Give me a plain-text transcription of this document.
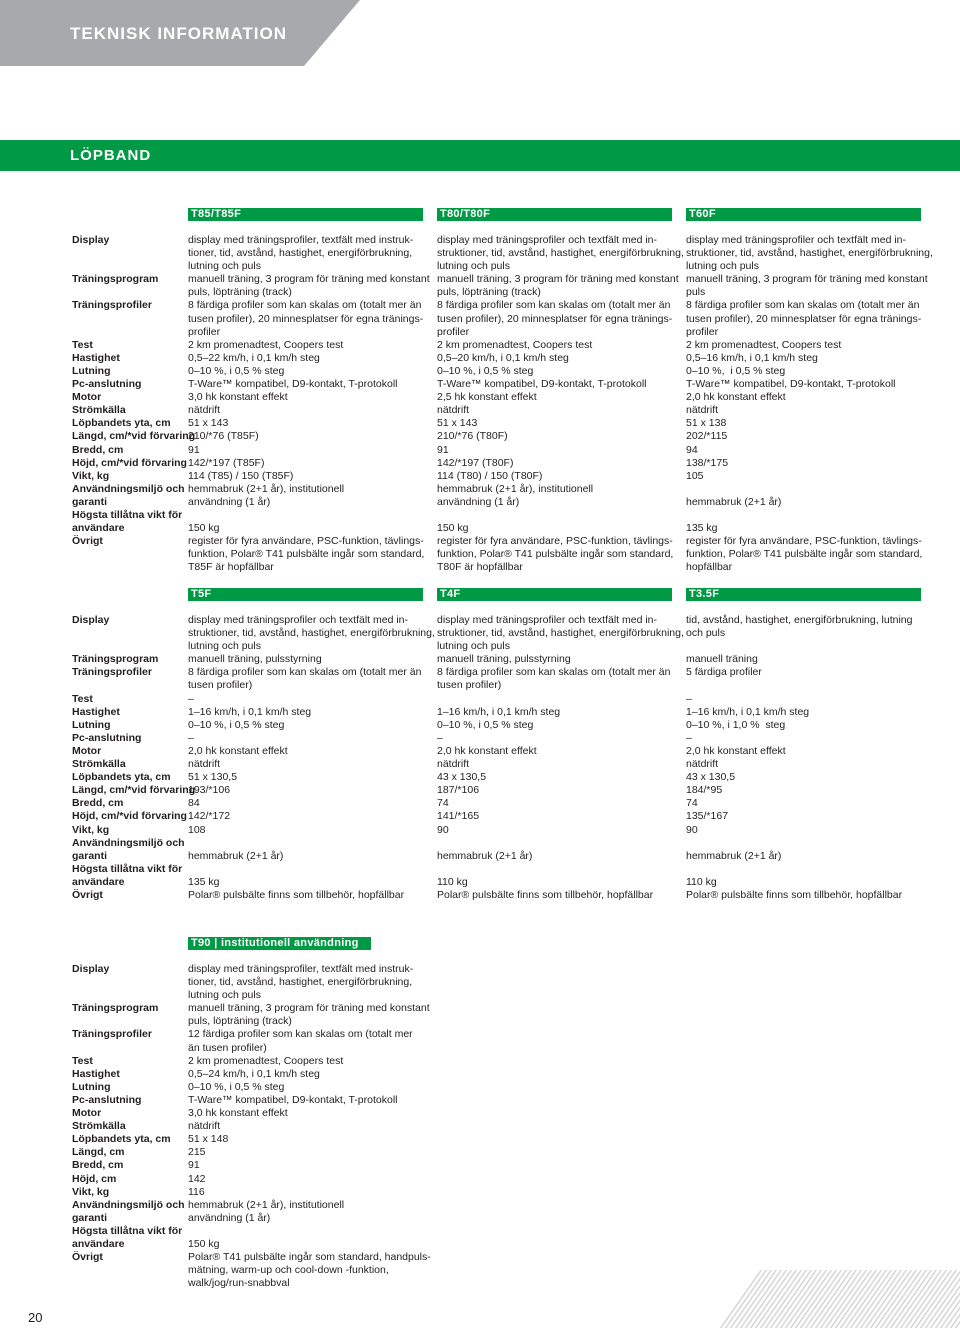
TEKNISK INFORMATION
LÖPBAND
Display

Träningsprogram

Träningsprofiler

Test
Hastighet
Lutning
Pc-anslutning
Motor
Strömkälla
Löpbandets yta, cm
Längd, cm/*vid förvaring
Bredd, cm
Höjd, cm/*vid förvaring
Vikt, kg
Användningsmiljö och
garanti
Högsta tillåtna vikt för
användare
Övrigt
T85/T85F
display med träningsprofiler, textfält med instruk-
tioner, tid, avstånd, hastighet, energiförbrukning,
lutning och puls
manuell träning, 3 program för träning med konstant
puls, löpträning (track)
8 färdiga profiler som kan skalas om (totalt mer än
tusen profiler), 20 minnesplatser för egna tränings-
profiler
2 km promenadtest, Coopers test
0,5–22 km/h, i 0,1 km/h steg
0–10 %, i 0,5 % steg
T-Ware™ kompatibel, D9-kontakt, T-protokoll
3,0 hk konstant effekt
nätdrift
51 x 143
210/*76 (T85F)
91
142/*197 (T85F)
114 (T85) / 150 (T85F)
hemmabruk (2+1 år), institutionell
användning (1 år)

150 kg
register för fyra användare, PSC-funktion, tävlings-
funktion, Polar® T41 pulsbälte ingår som standard,
T85F är hopfällbar
T80/T80F
display med träningsprofiler och textfält med in-
struktioner, tid, avstånd, hastighet, energiförbrukning,
lutning och puls
manuell träning, 3 program för träning med konstant
puls, löpträning (track)
8 färdiga profiler som kan skalas om (totalt mer än
tusen profiler), 20 minnesplatser för egna tränings-
profiler
2 km promenadtest, Coopers test
0,5–20 km/h, i 0,1 km/h steg
0–10 %, i 0,5 % steg
T-Ware™ kompatibel, D9-kontakt, T-protokoll
2,5 hk konstant effekt
nätdrift
51 x 143
210/*76 (T80F)
91
142/*197 (T80F)
114 (T80) / 150 (T80F)
hemmabruk (2+1 år), institutionell
användning (1 år)

150 kg
register för fyra användare, PSC-funktion, tävlings-
funktion, Polar® T41 pulsbälte ingår som standard,
T80F är hopfällbar
T60F
display med träningsprofiler och textfält med in-
struktioner, tid, avstånd, hastighet, energiförbrukning,
lutning och puls
manuell träning, 3 program för träning med konstant
puls
8 färdiga profiler som kan skalas om (totalt mer än
tusen profiler), 20 minnesplatser för egna tränings-
profiler
2 km promenadtest, Coopers test
0,5–16 km/h, i 0,1 km/h steg
0–10 %,  i 0,5 % steg
T-Ware™ kompatibel, D9-kontakt, T-protokoll
2,0 hk konstant effekt
nätdrift
51 x 138
202/*115
94
138/*175
105

hemmabruk (2+1 år)

135 kg
register för fyra användare, PSC-funktion, tävlings-
funktion, Polar® T41 pulsbälte ingår som standard,
hopfällbar
Display

Träningsprogram
Träningsprofiler

Test
Hastighet
Lutning
Pc-anslutning
Motor
Strömkälla
Löpbandets yta, cm
Längd, cm/*vid förvaring
Bredd, cm
Höjd, cm/*vid förvaring
Vikt, kg
Användningsmiljö och
garanti
Högsta tillåtna vikt för
användare
Övrigt
T5F
display med träningsprofiler och textfält med in-
struktioner, tid, avstånd, hastighet, energiförbrukning,
lutning och puls
manuell träning, pulsstyrning
8 färdiga profiler som kan skalas om (totalt mer än
tusen profiler)
–
1–16 km/h, i 0,1 km/h steg
0–10 %, i 0,5 % steg
–
2,0 hk konstant effekt
nätdrift
51 x 130,5
193/*106
84
142/*172
108

hemmabruk (2+1 år)

135 kg
Polar® pulsbälte finns som tillbehör, hopfällbar
T4F
display med träningsprofiler och textfält med in-
struktioner, tid, avstånd, hastighet, energiförbrukning,
lutning och puls
manuell träning, pulsstyrning
8 färdiga profiler som kan skalas om (totalt mer än
tusen profiler)

1–16 km/h, i 0,1 km/h steg
0–10 %, i 0,5 % steg
–
2,0 hk konstant effekt
nätdrift
43 x 130,5
187/*106
74
141/*165
90

hemmabruk (2+1 år)

110 kg
Polar® pulsbälte finns som tillbehör, hopfällbar
T3.5F
tid, avstånd, hastighet, energiförbrukning, lutning
och puls

manuell träning
5 färdiga profiler

–
1–16 km/h, i 0,1 km/h steg
0–10 %, i 1,0 %  steg
–
2,0 hk konstant effekt
nätdrift
43 x 130,5
184/*95
74
135/*167
90

hemmabruk (2+1 år)

110 kg
Polar® pulsbälte finns som tillbehör, hopfällbar
Display

Träningsprogram

Träningsprofiler

Test
Hastighet
Lutning
Pc-anslutning
Motor
Strömkälla
Löpbandets yta, cm
Längd, cm
Bredd, cm
Höjd, cm
Vikt, kg
Användningsmiljö och
garanti
Högsta tillåtna vikt för
användare
Övrigt
T90 | institutionell användning
display med träningsprofiler, textfält med instruk-
tioner, tid, avstånd, hastighet, energiförbrukning,
lutning och puls
manuell träning, 3 program för träning med konstant
puls, löpträning (track)
12 färdiga profiler som kan skalas om (totalt mer
än tusen profiler)
2 km promenadtest, Coopers test
0,5–24 km/h, i 0,1 km/h steg
0–10 %, i 0,5 % steg
T-Ware™ kompatibel, D9-kontakt, T-protokoll
3,0 hk konstant effekt
nätdrift
51 x 148
215
91
142
116
hemmabruk (2+1 år), institutionell
användning (1 år)

150 kg
Polar® T41 pulsbälte ingår som standard, handpuls-
mätning, warm-up och cool-down -funktion,
walk/jog/run-snabbval
20
